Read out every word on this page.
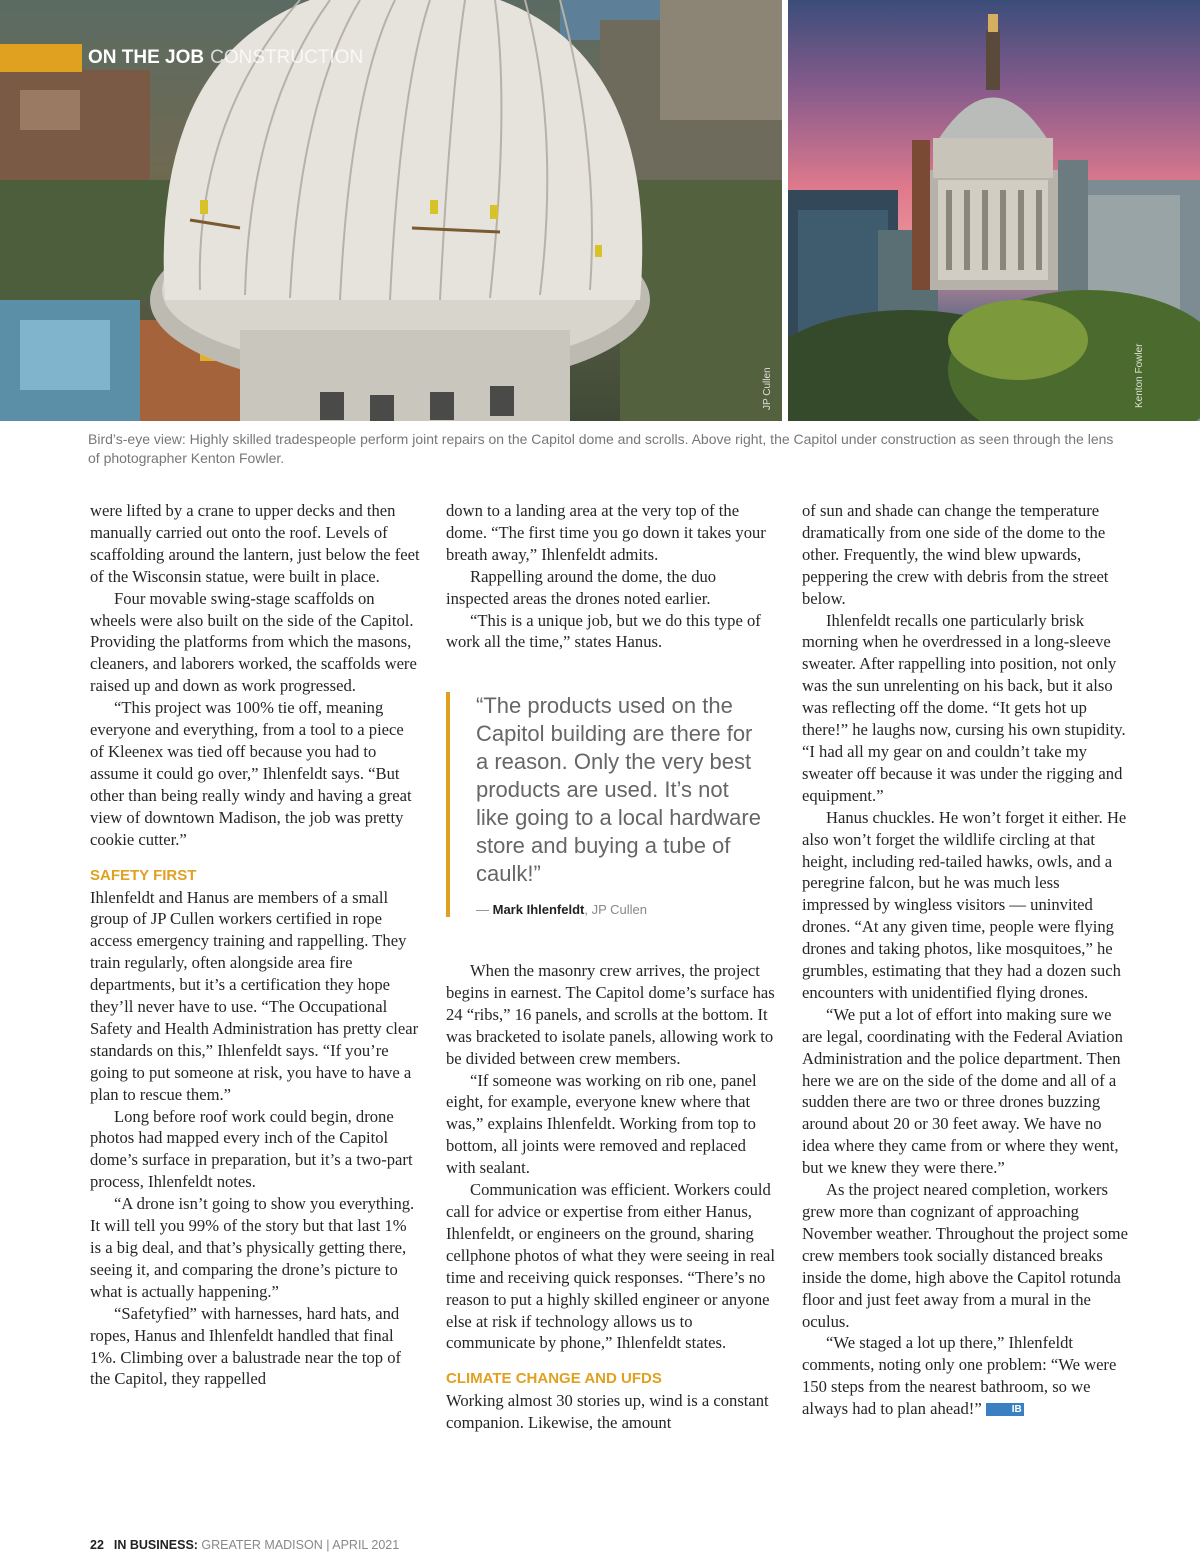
ON THE JOB CONSTRUCTION
JP Cullen	Kenton Fowler
Bird’s-eye view: Highly skilled tradespeople perform joint repairs on the Capitol dome and scrolls. Above right, the Capitol under construction as seen through the lens of photographer Kenton Fowler.

were lifted by a crane to upper decks and then manually carried out onto the roof. Levels of scaffolding around the lantern, just below the feet of the Wisconsin statue, were built in place.

Four movable swing-stage scaffolds on wheels were also built on the side of the Capitol. Providing the platforms from which the masons, cleaners, and laborers worked, the scaffolds were raised up and down as work progressed.

“This project was 100% tie off, meaning everyone and everything, from a tool to a piece of Kleenex was tied off because you had to assume it could go over,” Ihlenfeldt says. “But other than being really windy and having a great view of downtown Madison, the job was pretty cookie cutter.”

SAFETY FIRST

Ihlenfeldt and Hanus are members of a small group of JP Cullen workers certified in rope access emergency training and rappelling. They train regularly, often alongside area fire departments, but it’s a certification they hope they’ll never have to use. “The Occupational Safety and Health Administration has pretty clear standards on this,” Ihlenfeldt says. “If you’re going to put someone at risk, you have to have a plan to rescue them.”

Long before roof work could begin, drone photos had mapped every inch of the Capitol dome’s surface in preparation, but it’s a two-part process, Ihlenfeldt notes.

“A drone isn’t going to show you everything. It will tell you 99% of the story but that last 1% is a big deal, and that’s physically getting there, seeing it, and comparing the drone’s picture to what is actually happening.”

“Safetyfied” with harnesses, hard hats, and ropes, Hanus and Ihlenfeldt handled that final 1%. Climbing over a balustrade near the top of the Capitol, they rappelled

down to a landing area at the very top of the dome. “The first time you go down it takes your breath away,” Ihlenfeldt admits.

Rappelling around the dome, the duo inspected areas the drones noted earlier.

“This is a unique job, but we do this type of work all the time,” states Hanus.

“The products used on the Capitol building are there for a reason. Only the very best products are used. It’s not like going to a local hardware store and buying a tube of caulk!”
— Mark Ihlenfeldt, JP Cullen

When the masonry crew arrives, the project begins in earnest. The Capitol dome’s surface has 24 “ribs,” 16 panels, and scrolls at the bottom. It was bracketed to isolate panels, allowing work to be divided between crew members.

“If someone was working on rib one, panel eight, for example, everyone knew where that was,” explains Ihlenfeldt. Working from top to bottom, all joints were removed and replaced with sealant.

Communication was efficient. Workers could call for advice or expertise from either Hanus, Ihlenfeldt, or engineers on the ground, sharing cellphone photos of what they were seeing in real time and receiving quick responses. “There’s no reason to put a highly skilled engineer or anyone else at risk if technology allows us to communicate by phone,” Ihlenfeldt states.

CLIMATE CHANGE AND UFDS

Working almost 30 stories up, wind is a constant companion. Likewise, the amount

of sun and shade can change the temperature dramatically from one side of the dome to the other. Frequently, the wind blew upwards, peppering the crew with debris from the street below.

Ihlenfeldt recalls one particularly brisk morning when he overdressed in a long-sleeve sweater. After rappelling into position, not only was the sun unrelenting on his back, but it also was reflecting off the dome. “It gets hot up there!” he laughs now, cursing his own stupidity. “I had all my gear on and couldn’t take my sweater off because it was under the rigging and equipment.”

Hanus chuckles. He won’t forget it either. He also won’t forget the wildlife circling at that height, including red-tailed hawks, owls, and a peregrine falcon, but he was much less impressed by wingless visitors — uninvited drones. “At any given time, people were flying drones and taking photos, like mosquitoes,” he grumbles, estimating that they had a dozen such encounters with unidentified flying drones.

“We put a lot of effort into making sure we are legal, coordinating with the Federal Aviation Administration and the police department. Then here we are on the side of the dome and all of a sudden there are two or three drones buzzing around about 20 or 30 feet away. We have no idea where they came from or where they went, but we knew they were there.”

As the project neared completion, workers grew more than cognizant of approaching November weather. Throughout the project some crew members took socially distanced breaks inside the dome, high above the Capitol rotunda floor and just feet away from a mural in the oculus.

“We staged a lot up there,” Ihlenfeldt comments, noting only one problem: “We were 150 steps from the nearest bathroom, so we always had to plan ahead!”	IB

22 IN BUSINESS: GREATER MADISON | APRIL 2021
